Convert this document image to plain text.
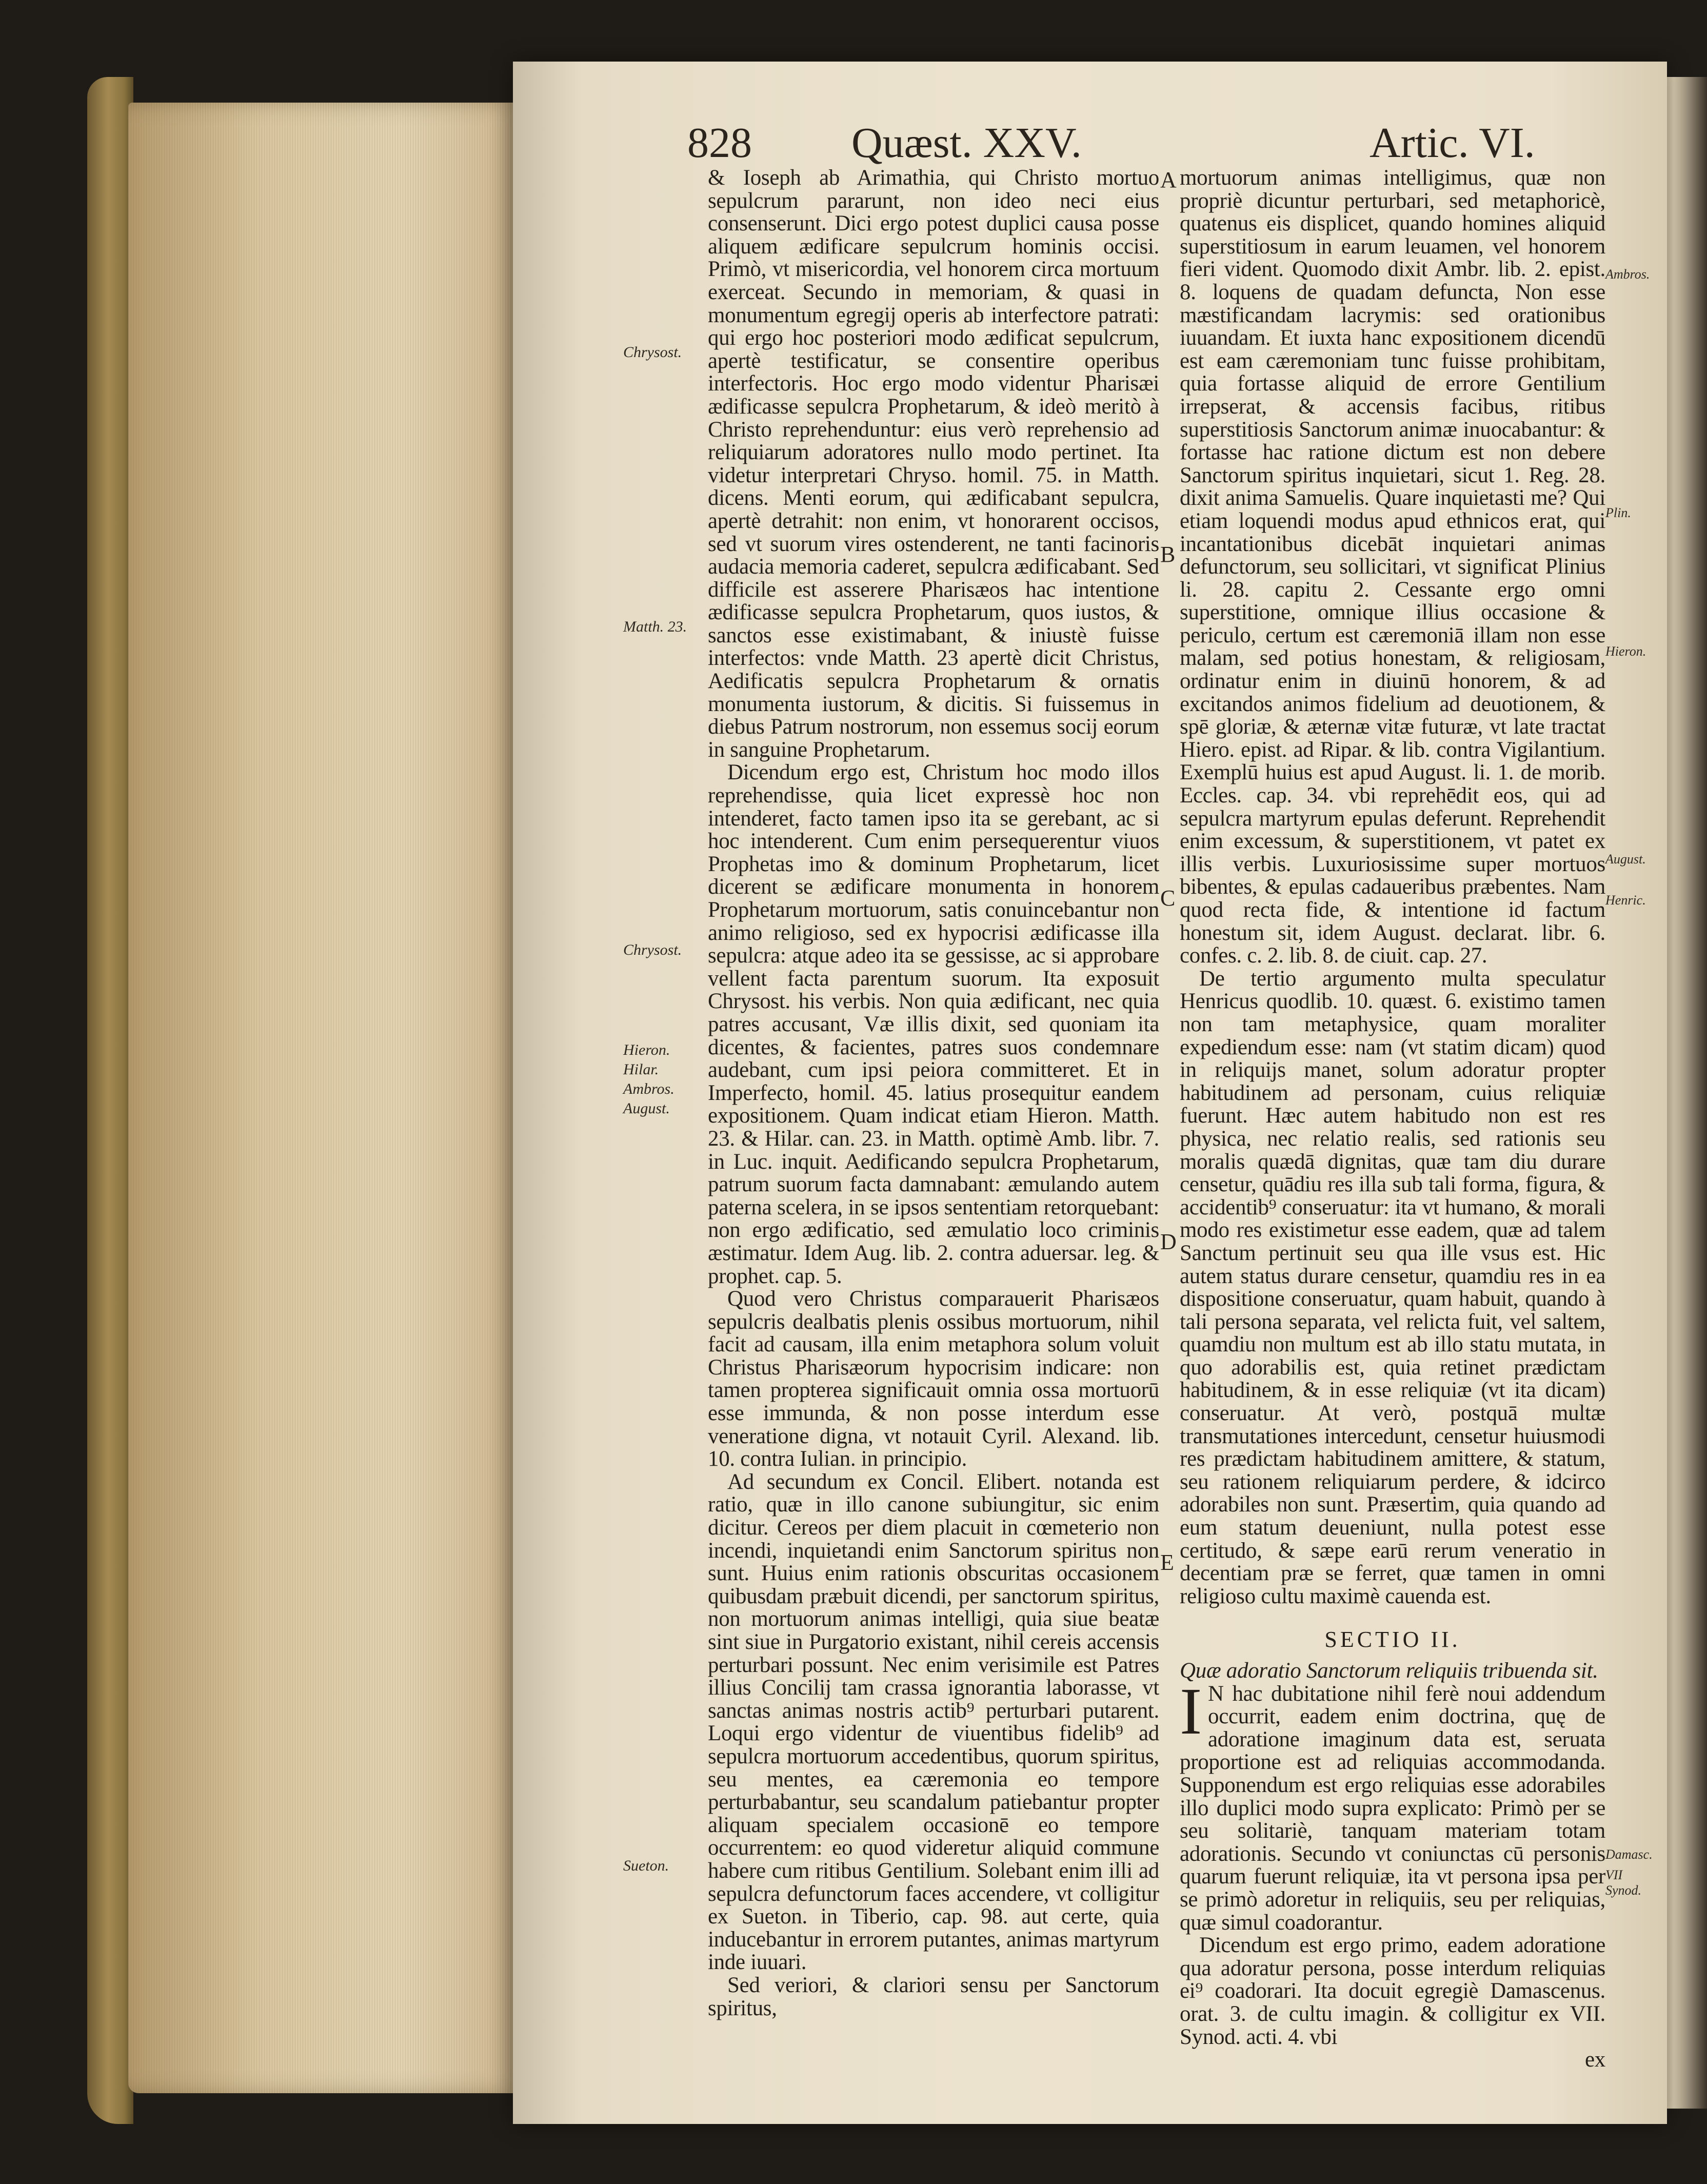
828 Quæst. XXV.	Artic. VI.

& Ioseph ab Arimathia, qui Christo mortuo sepulcrum pararunt, non ideo neci eius consenserunt. Dici ergo potest duplici causa posse aliquem ædificare sepulcrum hominis occisi. Primò, vt misericordia, vel honorem circa mortuum exerceat. Secundo in memoriam, & quasi in monumentum egregij operis ab interfectore patrati: qui ergo hoc posteriori modo ædificat sepulcrum, apertè testificatur, se consentire operibus interfectoris. Hoc ergo modo videntur Pharisæi ædificasse sepulcra Prophetarum, & ideò meritò à Christo reprehenduntur: eius verò reprehensio ad reliquiarum adoratores nullo modo pertinet. Ita videtur interpretari Chryso. homil. 75. in Matth. dicens. Menti eorum, qui ædificabant sepulcra, apertè detrahit: non enim, vt honorarent occisos, sed vt suorum vires ostenderent, ne tanti facinoris audacia memoria caderet, sepulcra ædificabant. Sed difficile est asserere Pharisæos hac intentione ædificasse sepulcra Prophetarum, quos iustos, & sanctos esse existimabant, & iniustè fuisse interfectos: vnde Matth. 23 apertè dicit Christus, Aedificatis sepulcra Prophetarum & ornatis monumenta iustorum, & dicitis. Si fuissemus in diebus Patrum nostrorum, non essemus socij eorum in sanguine Prophetarum.

Dicendum ergo est, Christum hoc modo illos reprehendisse, quia licet expressè hoc non intenderet, facto tamen ipso ita se gerebant, ac si hoc intenderent. Cum enim persequerentur viuos Prophetas imo & dominum Prophetarum, licet dicerent se ædificare monumenta in honorem Prophetarum mortuorum, satis conuincebantur non animo religioso, sed ex hypocrisi ædificasse illa sepulcra: atque adeo ita se gessisse, ac si approbare vellent facta parentum suorum. Ita exposuit Chrysost. his verbis. Non quia ædificant, nec quia patres accusant, Væ illis dixit, sed quoniam ita dicentes, & facientes, patres suos condemnare audebant, cum ipsi peiora committeret. Et in Imperfecto, homil. 45. latius prosequitur eandem expositionem. Quam indicat etiam Hieron. Matth. 23. & Hilar. can. 23. in Matth. optimè Amb. libr. 7. in Luc. inquit. Aedificando sepulcra Prophetarum, patrum suorum facta damnabant: æmulando autem paterna scelera, in se ipsos sententiam retorquebant: non ergo ædificatio, sed æmulatio loco criminis æstimatur. Idem Aug. lib. 2. contra aduersar. leg. & prophet. cap. 5.

Quod vero Christus comparauerit Pharisæos sepulcris dealbatis plenis ossibus mortuorum, nihil facit ad causam, illa enim metaphora solum voluit Christus Pharisæorum hypocrisim indicare: non tamen propterea significauit omnia ossa mortuorū esse immunda, & non posse interdum esse veneratione digna, vt notauit Cyril. Alexand. lib. 10. contra Iulian. in principio.

Ad secundum ex Concil. Elibert. notanda est ratio, quæ in illo canone subiungitur, sic enim dicitur. Cereos per diem placuit in cœmeterio non incendi, inquietandi enim Sanctorum spiritus non sunt. Huius enim rationis obscuritas occasionem quibusdam præbuit dicendi, per sanctorum spiritus, non mortuorum animas intelligi, quia siue beatæ sint siue in Purgatorio existant, nihil cereis accensis perturbari possunt. Nec enim verisimile est Patres illius Concilij tam crassa ignorantia laborasse, vt sanctas animas nostris actib⁹ perturbari putarent. Loqui ergo videntur de viuentibus fidelib⁹ ad sepulcra mortuorum accedentibus, quorum spiritus, seu mentes, ea cæremonia eo tempore perturbabantur, seu scandalum patiebantur propter aliquam specialem occasionē eo tempore occurrentem: eo quod videretur aliquid commune habere cum ritibus Gentilium. Solebant enim illi ad sepulcra defunctorum faces accendere, vt colligitur ex Sueton. in Tiberio, cap. 98. aut certe, quia inducebantur in errorem putantes, animas martyrum inde iuuari.

Sed veriori, & clariori sensu per Sanctorum spiritus,

mortuorum animas intelligimus, quæ non propriè dicuntur perturbari, sed metaphoricè, quatenus eis displicet, quando homines aliquid superstitiosum in earum leuamen, vel honorem fieri vident. Quomodo dixit Ambr. lib. 2. epist. 8. loquens de quadam defuncta, Non esse mæstificandam lacrymis: sed orationibus iuuandam. Et iuxta hanc expositionem dicendū est eam cæremoniam tunc fuisse prohibitam, quia fortasse aliquid de errore Gentilium irrepserat, & accensis facibus, ritibus superstitiosis Sanctorum animæ inuocabantur: & fortasse hac ratione dictum est non debere Sanctorum spiritus inquietari, sicut 1. Reg. 28. dixit anima Samuelis. Quare inquietasti me? Qui etiam loquendi modus apud ethnicos erat, qui incantationibus dicebāt inquietari animas defunctorum, seu sollicitari, vt significat Plinius li. 28. capitu 2. Cessante ergo omni superstitione, omnique illius occasione & periculo, certum est cæremoniā illam non esse malam, sed potius honestam, & religiosam, ordinatur enim in diuinū honorem, & ad excitandos animos fidelium ad deuotionem, & spē gloriæ, & æternæ vitæ futuræ, vt late tractat Hiero. epist. ad Ripar. & lib. contra Vigilantium. Exemplū huius est apud August. li. 1. de morib. Eccles. cap. 34. vbi reprehēdit eos, qui ad sepulcra martyrum epulas deferunt. Reprehendit enim excessum, & superstitionem, vt patet ex illis verbis. Luxuriosissime super mortuos bibentes, & epulas cadaueribus præbentes. Nam quod recta fide, & intentione id factum honestum sit, idem August. declarat. libr. 6. confes. c. 2. lib. 8. de ciuit. cap. 27.

De tertio argumento multa speculatur Henricus quodlib. 10. quæst. 6. existimo tamen non tam metaphysice, quam moraliter expediendum esse: nam (vt statim dicam) quod in reliquijs manet, solum adoratur propter habitudinem ad personam, cuius reliquiæ fuerunt. Hæc autem habitudo non est res physica, nec relatio realis, sed rationis seu moralis quædā dignitas, quæ tam diu durare censetur, quādiu res illa sub tali forma, figura, & accidentib⁹ conseruatur: ita vt humano, & morali modo res existimetur esse eadem, quæ ad talem Sanctum pertinuit seu qua ille vsus est. Hic autem status durare censetur, quamdiu res in ea dispositione conseruatur, quam habuit, quando à tali persona separata, vel relicta fuit, vel saltem, quamdiu non multum est ab illo statu mutata, in quo adorabilis est, quia retinet prædictam habitudinem, & in esse reliquiæ (vt ita dicam) conseruatur. At verò, postquā multæ transmutationes intercedunt, censetur huiusmodi res prædictam habitudinem amittere, & statum, seu rationem reliquiarum perdere, & idcirco adorabiles non sunt. Præsertim, quia quando ad eum statum deueniunt, nulla potest esse certitudo, & sæpe earū rerum veneratio in decentiam præ se ferret, quæ tamen in omni religioso cultu maximè cauenda est.

SECTIO II.

Quæ adoratio Sanctorum reliquiis tribuenda sit.

I N hac dubitatione nihil ferè noui addendum occurrit, eadem enim doctrina, quę de adoratione imaginum data est, seruata proportione est ad reliquias accommodanda. Supponendum est ergo reliquias esse adorabiles illo duplici modo supra explicato: Primò per se seu solitariè, tanquam materiam totam adorationis. Secundo vt coniunctas cū personis quarum fuerunt reliquiæ, ita vt persona ipsa per se primò adoretur in reliquiis, seu per reliquias, quæ simul coadorantur.

Dicendum est ergo primo, eadem adoratione qua adoratur persona, posse interdum reliquias ei⁹ coadorari. Ita docuit egregiè Damascenus. orat. 3. de cultu imagin. & colligitur ex VII. Synod. acti. 4. vbi

ex

Chrysost.
Matth. 23.
Chrysost.
Hieron.
Hilar.
Ambros.
August.
Sueton.
Ambros.
Plin.
Hieron.
August.
Henric.
Damasc.
VII Synod.
A
B
C
D
E
